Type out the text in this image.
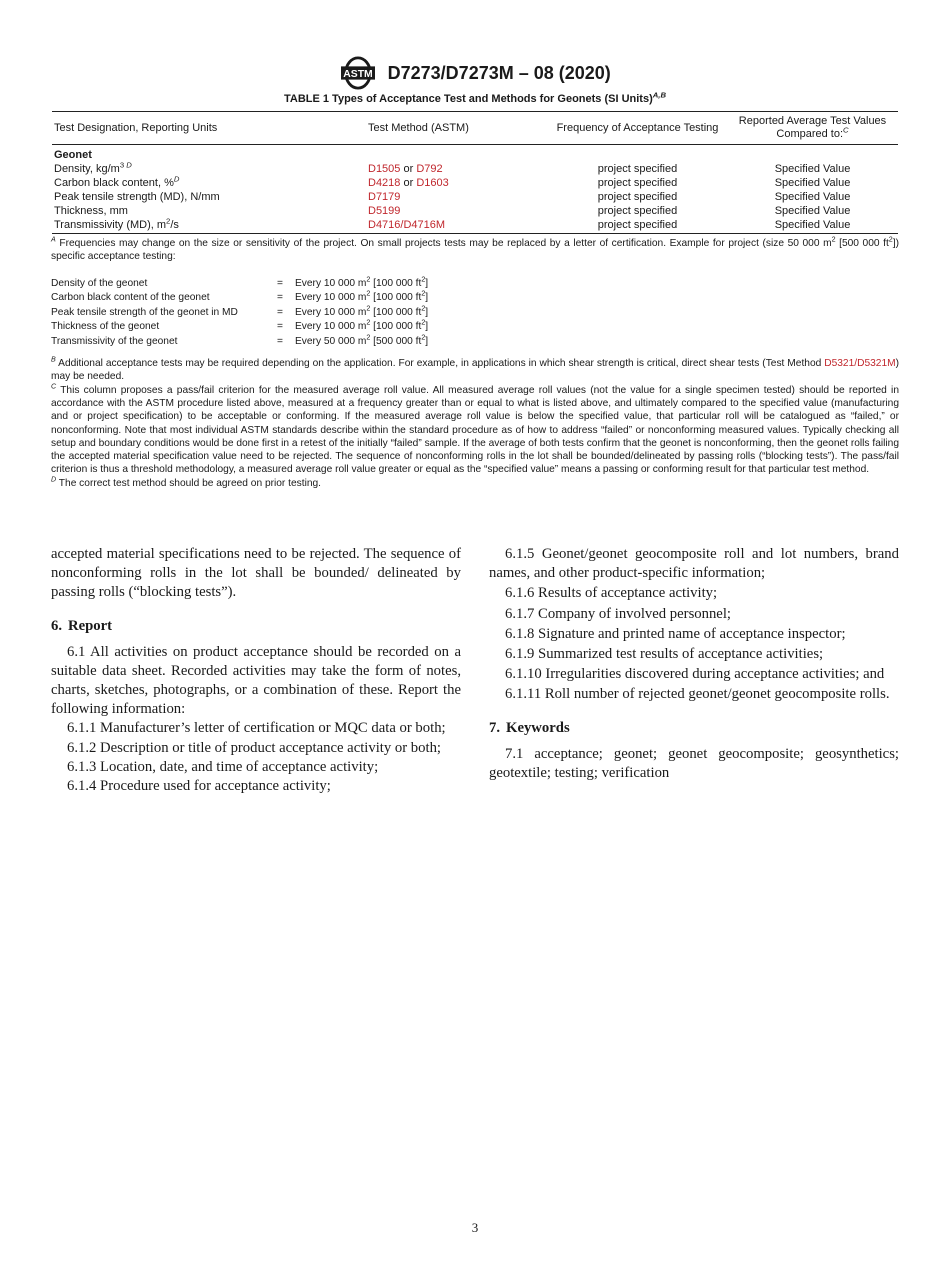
ASTM D7273/D7273M – 08 (2020)
TABLE 1 Types of Acceptance Test and Methods for Geonets (SI Units)$^{A,B}$
Test Designation, Reporting Units	Test Method (ASTM)	Frequency of Acceptance Testing	Reported Average Test Values Compared to:$^C$
Geonet			
Density, $kg/m^3$ $^D$	D1505 or D792	project specified	Specified Value
Carbon black content, %$^D$	D4218 or D1603	project specified	Specified Value
Peak tensile strength (MD), N/mm	D7179	project specified	Specified Value
Thickness, mm	D5199	project specified	Specified Value
Transmissivity (MD), $m^2/s$	D4716/D4716M	project specified	Specified Value

$^A$ Frequencies may change on the size or sensitivity of the project. On small projects tests may be replaced by a letter of certification. Example for project (size 50 000 $m^2$ [500 000 $ft^2$]) specific acceptance testing:

Density of the geonet	=	Every 10 000 $m^2$ [100 000 $ft^2$]
Carbon black content of the geonet	=	Every 10 000 $m^2$ [100 000 $ft^2$]
Peak tensile strength of the geonet in MD	=	Every 10 000 $m^2$ [100 000 $ft^2$]
Thickness of the geonet	=	Every 10 000 $m^2$ [100 000 $ft^2$]
Transmissivity of the geonet	=	Every 50 000 $m^2$ [500 000 $ft^2$]

$^B$ Additional acceptance tests may be required depending on the application. For example, in applications in which shear strength is critical, direct shear tests (Test Method D5321/D5321M) may be needed.

$^C$ This column proposes a pass/fail criterion for the measured average roll value. All measured average roll values (not the value for a single specimen tested) should be reported in accordance with the ASTM procedure listed above, measured at a frequency greater than or equal to what is listed above, and ultimately compared to the specified value (manufacturing and or project specification) to be acceptable or conforming. If the measured average roll value is below the specified value, that particular roll will be catalogued as “failed,” or nonconforming. Note that most individual ASTM standards describe within the standard procedure as of how to address “failed” or nonconforming measured values. Typically checking all setup and boundary conditions would be done first in a retest of the initially “failed” sample. If the average of both tests confirm that the geonet is nonconforming, then the geonet rolls failing the accepted material specification value need to be rejected. The sequence of nonconforming rolls in the lot shall be bounded/delineated by passing rolls (“blocking tests”). The pass/fail criterion is thus a threshold methodology, a measured average roll value greater or equal as the “specified value” means a passing or conforming result for that particular test method.

$^D$ The correct test method should be agreed on prior testing.

accepted material specifications need to be rejected. The sequence of nonconforming rolls in the lot shall be bounded/ delineated by passing rolls (“blocking tests”).

6. Report

6.1 All activities on product acceptance should be recorded on a suitable data sheet. Recorded activities may take the form of notes, charts, sketches, photographs, or a combination of these. Report the following information:

6.1.1 Manufacturer’s letter of certification or MQC data or both;

6.1.2 Description or title of product acceptance activity or both;

6.1.3 Location, date, and time of acceptance activity;

6.1.4 Procedure used for acceptance activity;

6.1.5 Geonet/geonet geocomposite roll and lot numbers, brand names, and other product-specific information;

6.1.6 Results of acceptance activity;

6.1.7 Company of involved personnel;

6.1.8 Signature and printed name of acceptance inspector;

6.1.9 Summarized test results of acceptance activities;

6.1.10 Irregularities discovered during acceptance activities; and

6.1.11 Roll number of rejected geonet/geonet geocomposite rolls.

7. Keywords

7.1 acceptance; geonet; geonet geocomposite; geosynthetics; geotextile; testing; verification

3
